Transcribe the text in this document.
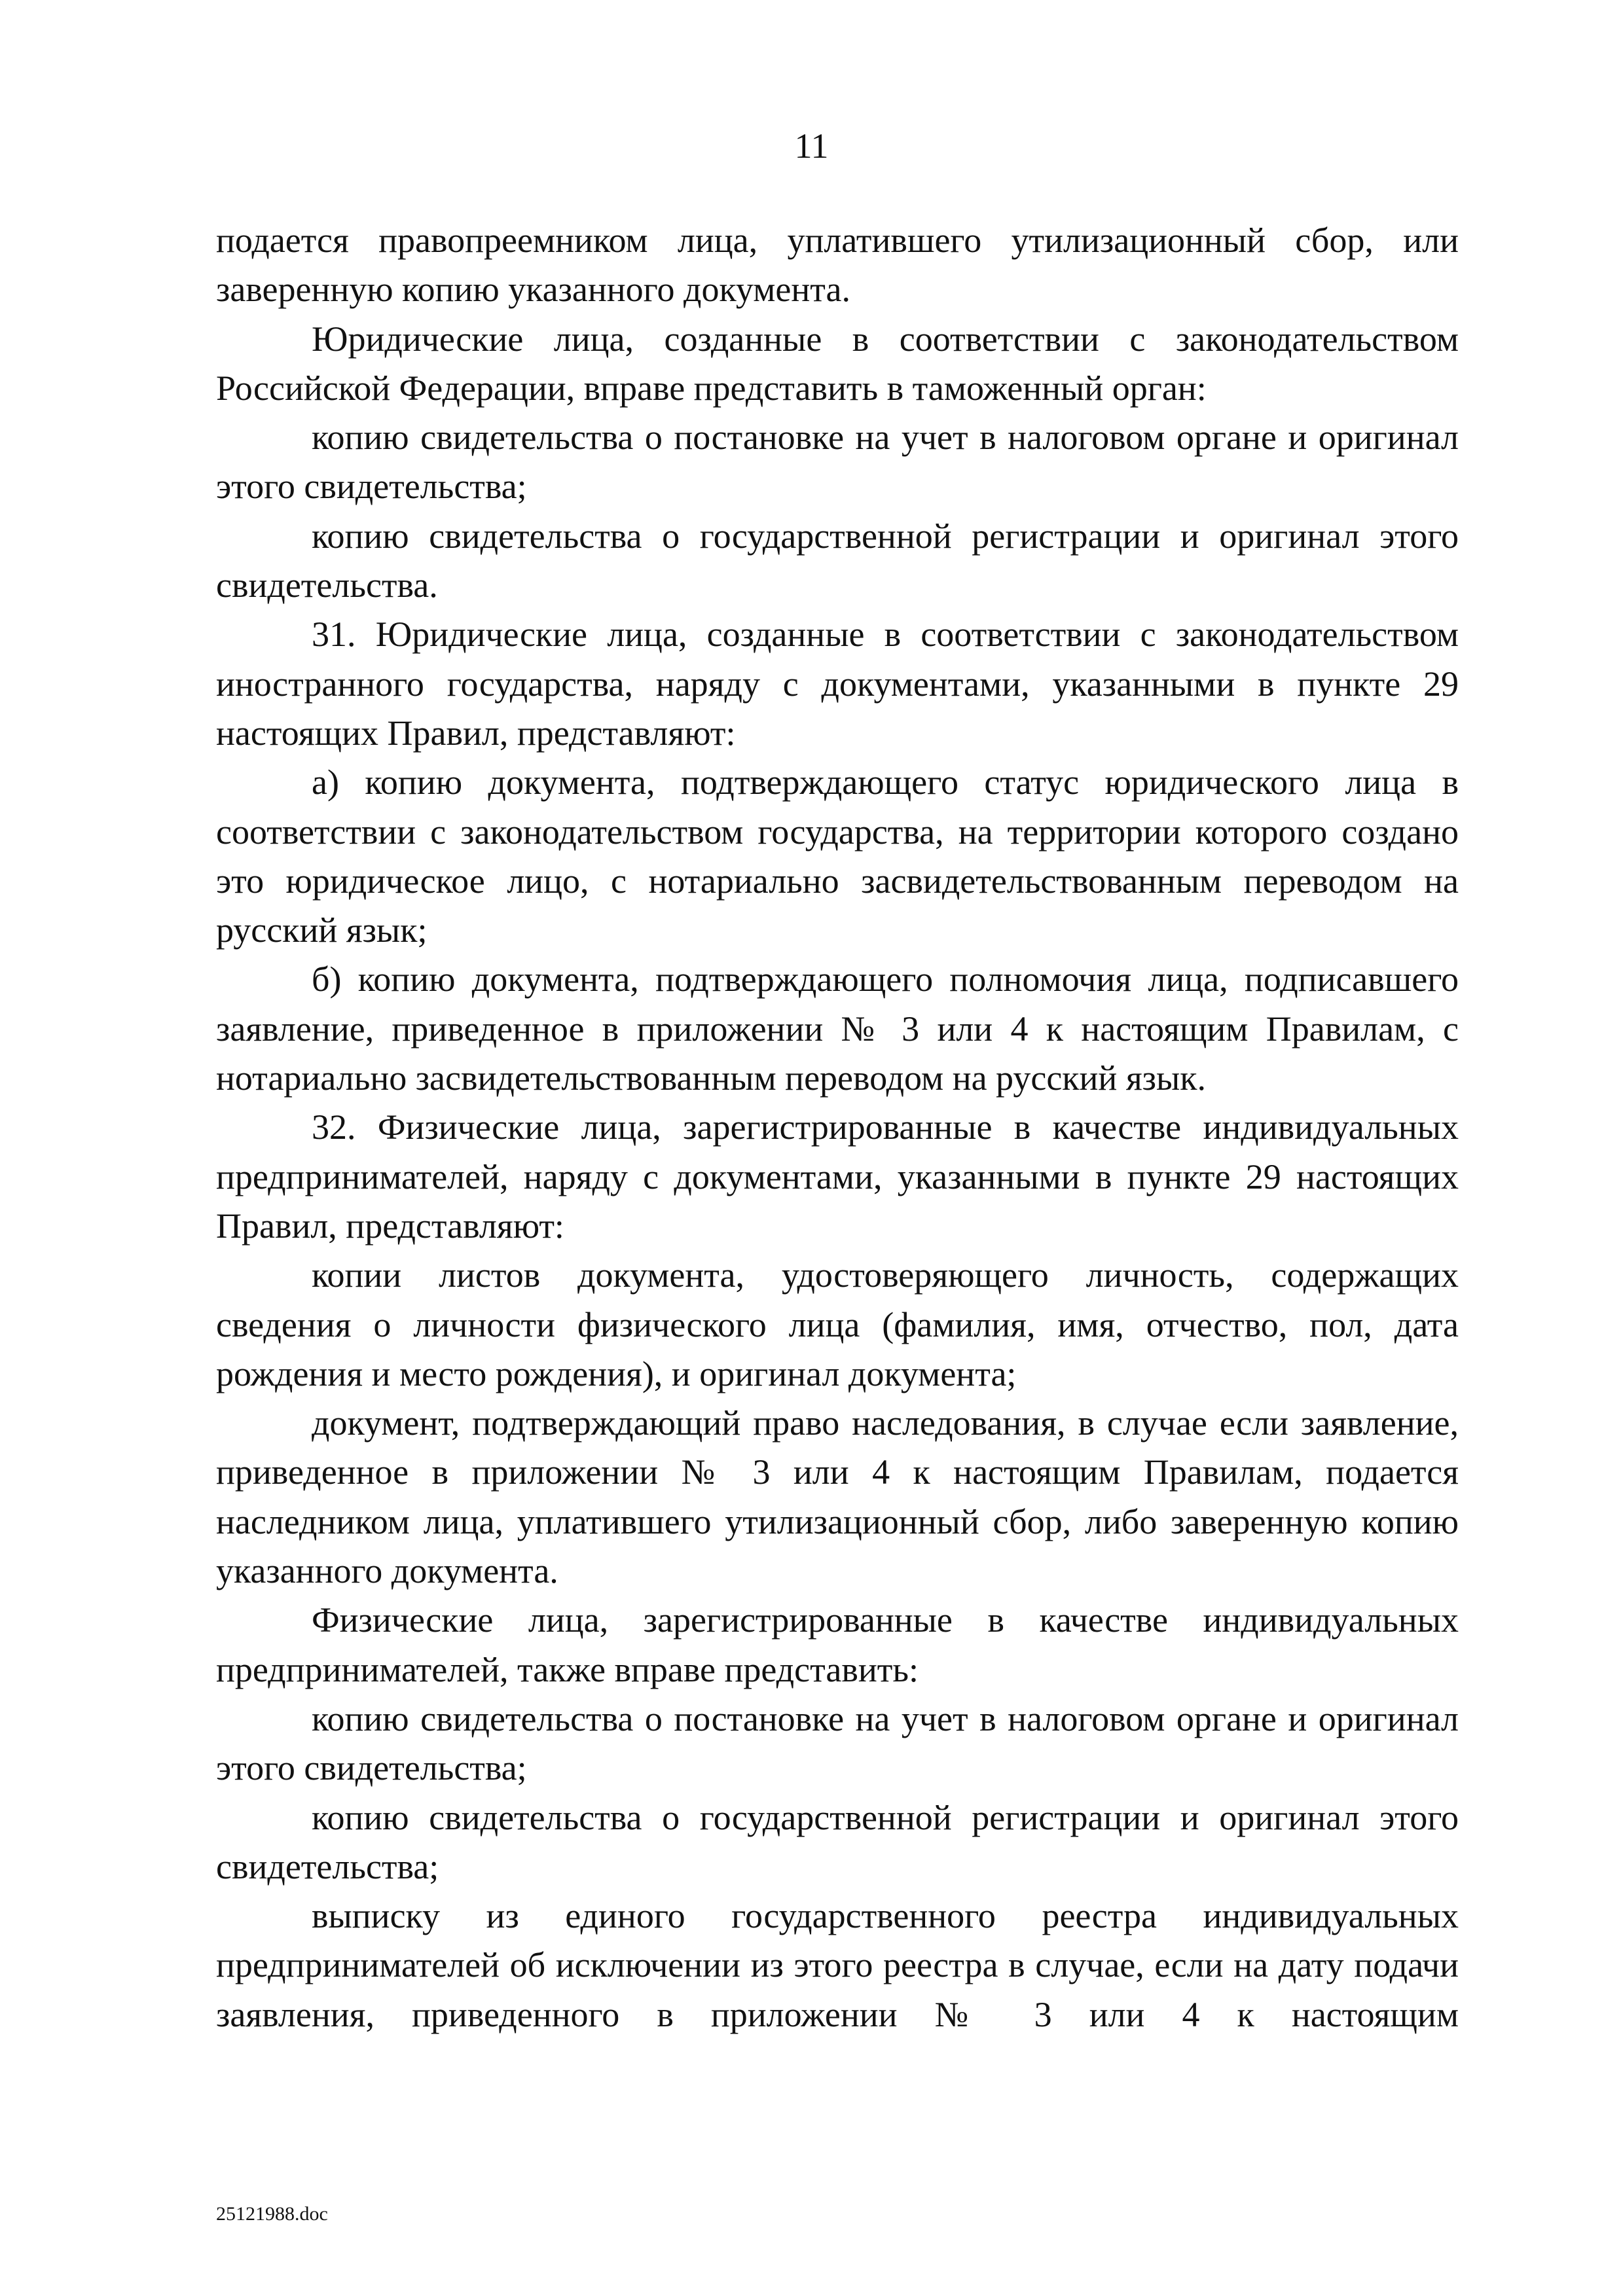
11

подается правопреемником лица, уплатившего утилизационный сбор, или заверенную копию указанного документа.

Юридические лица, созданные в соответствии с законодательством Российской Федерации, вправе представить в таможенный орган:

копию свидетельства о постановке на учет в налоговом органе и оригинал этого свидетельства;

копию свидетельства о государственной регистрации и оригинал этого свидетельства.

31. Юридические лица, созданные в соответствии с законодательством иностранного государства, наряду с документами, указанными в пункте 29 настоящих Правил, представляют:

а) копию документа, подтверждающего статус юридического лица в соответствии с законодательством государства, на территории которого создано это юридическое лицо, с нотариально засвидетельствованным переводом на русский язык;

б) копию документа, подтверждающего полномочия лица, подписавшего заявление, приведенное в приложении № 3 или 4 к настоящим Правилам, с нотариально засвидетельствованным переводом на русский язык.

32. Физические лица, зарегистрированные в качестве индивидуальных предпринимателей, наряду с документами, указанными в пункте 29 настоящих Правил, представляют:

копии листов документа, удостоверяющего личность, содержащих сведения о личности физического лица (фамилия, имя, отчество, пол, дата рождения и место рождения), и оригинал документа;

документ, подтверждающий право наследования, в случае если заявление, приведенное в приложении № 3 или 4 к настоящим Правилам, подается наследником лица, уплатившего утилизационный сбор, либо заверенную копию указанного документа.

Физические лица, зарегистрированные в качестве индивидуальных предпринимателей, также вправе представить:

копию свидетельства о постановке на учет в налоговом органе и оригинал этого свидетельства;

копию свидетельства о государственной регистрации и оригинал этого свидетельства;

выписку из единого государственного реестра индивидуальных предпринимателей об исключении из этого реестра в случае, если на дату подачи заявления, приведенного в приложении № 3 или 4 к настоящим

25121988.doc
